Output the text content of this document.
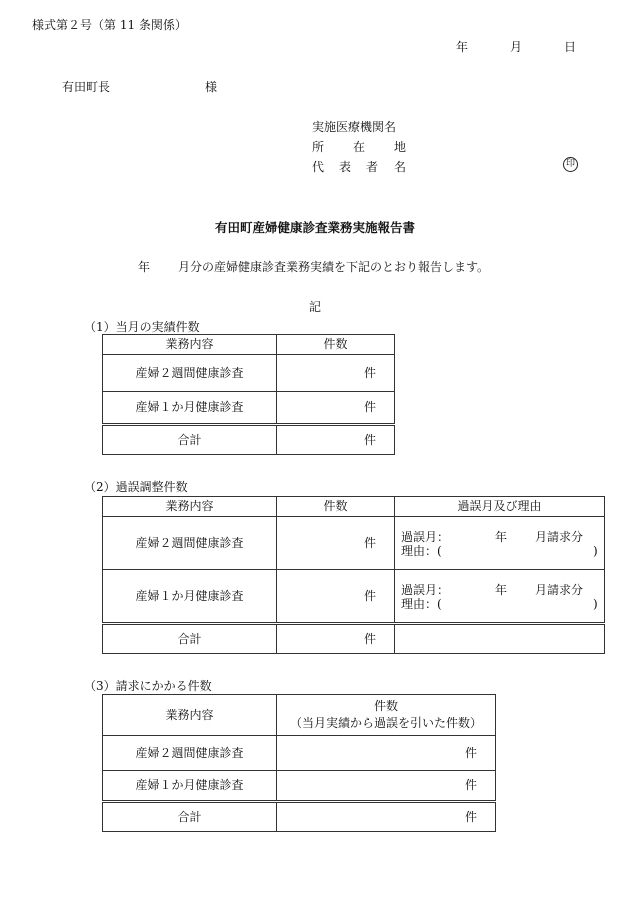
様式第２号（第 11 条関係）
年	月	日
有田町長	様
実施医療機関名
所 在 地
代 表 者 名	印
有田町産婦健康診査業務実施報告書
年 月分の産婦健康診査業務実績を下記のとおり報告します。
記
（1）当月の実績件数
業務内容	件数
産婦２週間健康診査	件
産婦１か月健康診査	件
合計	件
（2）過誤調整件数
業務内容	件数	過誤月及び理由
産婦２週間健康診査	件	過誤月： 年 月請求分
理由：( )

産婦１か月健康診査	件	過誤月： 年 月請求分
理由：( )

合計	件	
（3）請求にかかる件数
業務内容	件数
（当月実績から過誤を引いた件数）

産婦２週間健康診査	件
産婦１か月健康診査	件
合計	件
